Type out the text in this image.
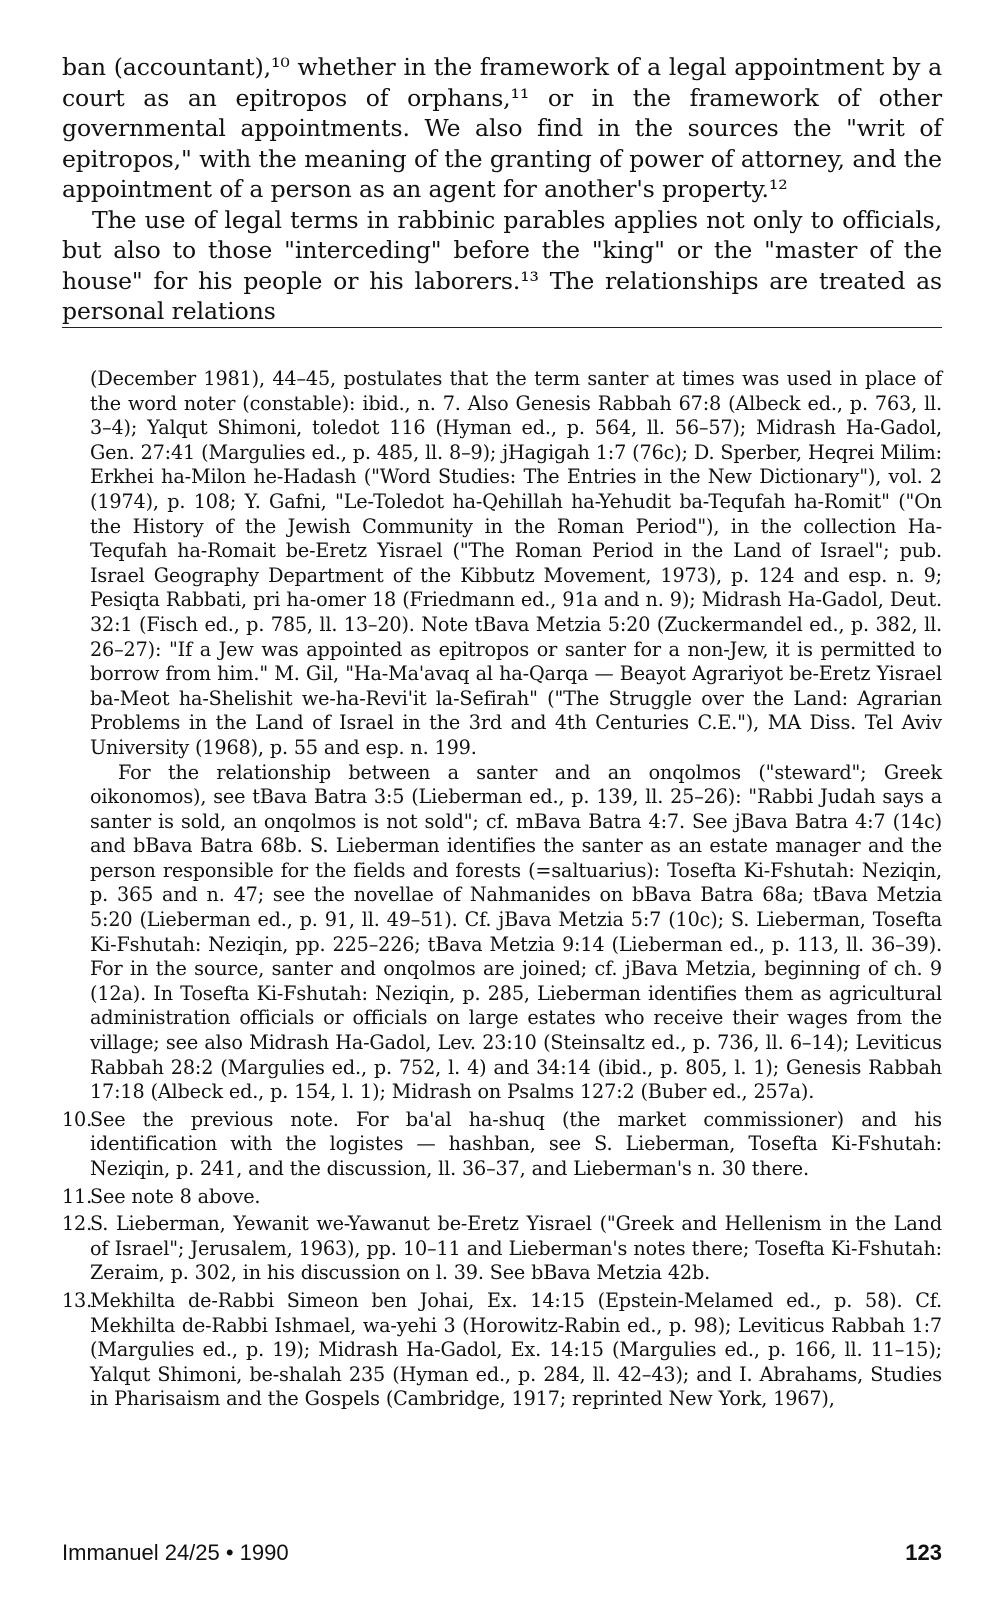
ban (accountant),¹⁰ whether in the framework of a legal appointment by a court as an epitropos of orphans,¹¹ or in the framework of other governmental appointments. We also find in the sources the "writ of epitropos," with the meaning of the granting of power of attorney, and the appointment of a person as an agent for another's property.¹²

The use of legal terms in rabbinic parables applies not only to officials, but also to those "interceding" before the "king" or the "master of the house" for his people or his laborers.¹³ The relationships are treated as personal relations

(December 1981), 44–45, postulates that the term santer at times was used in place of the word noter (constable): ibid., n. 7. Also Genesis Rabbah 67:8 (Albeck ed., p. 763, ll. 3–4); Yalqut Shimoni, toledot 116 (Hyman ed., p. 564, ll. 56–57); Midrash Ha-Gadol, Gen. 27:41 (Margulies ed., p. 485, ll. 8–9); jHagigah 1:7 (76c); D. Sperber, Heqrei Milim: Erkhei ha-Milon he-Hadash ("Word Studies: The Entries in the New Dictionary"), vol. 2 (1974), p. 108; Y. Gafni, "Le-Toledot ha-Qehillah ha-Yehudit ba-Tequfah ha-Romit" ("On the History of the Jewish Community in the Roman Period"), in the collection Ha-Tequfah ha-Romait be-Eretz Yisrael ("The Roman Period in the Land of Israel"; pub. Israel Geography Department of the Kibbutz Movement, 1973), p. 124 and esp. n. 9; Pesiqta Rabbati, pri ha-omer 18 (Friedmann ed., 91a and n. 9); Midrash Ha-Gadol, Deut. 32:1 (Fisch ed., p. 785, ll. 13–20). Note tBava Metzia 5:20 (Zuckermandel ed., p. 382, ll. 26–27): "If a Jew was appointed as epitropos or santer for a non-Jew, it is permitted to borrow from him." M. Gil, "Ha-Ma'avaq al ha-Qarqa — Beayot Agrariyot be-Eretz Yisrael ba-Meot ha-Shelishit we-ha-Revi'it la-Sefirah" ("The Struggle over the Land: Agrarian Problems in the Land of Israel in the 3rd and 4th Centuries C.E."), MA Diss. Tel Aviv University (1968), p. 55 and esp. n. 199.

For the relationship between a santer and an onqolmos ("steward"; Greek oikonomos), see tBava Batra 3:5 (Lieberman ed., p. 139, ll. 25–26): "Rabbi Judah says a santer is sold, an onqolmos is not sold"; cf. mBava Batra 4:7. See jBava Batra 4:7 (14c) and bBava Batra 68b. S. Lieberman identifies the santer as an estate manager and the person responsible for the fields and forests (=saltuarius): Tosefta Ki-Fshutah: Neziqin, p. 365 and n. 47; see the novellae of Nahmanides on bBava Batra 68a; tBava Metzia 5:20 (Lieberman ed., p. 91, ll. 49–51). Cf. jBava Metzia 5:7 (10c); S. Lieberman, Tosefta Ki-Fshutah: Neziqin, pp. 225–226; tBava Metzia 9:14 (Lieberman ed., p. 113, ll. 36–39). For in the source, santer and onqolmos are joined; cf. jBava Metzia, beginning of ch. 9 (12a). In Tosefta Ki-Fshutah: Neziqin, p. 285, Lieberman identifies them as agricultural administration officials or officials on large estates who receive their wages from the village; see also Midrash Ha-Gadol, Lev. 23:10 (Steinsaltz ed., p. 736, ll. 6–14); Leviticus Rabbah 28:2 (Margulies ed., p. 752, l. 4) and 34:14 (ibid., p. 805, l. 1); Genesis Rabbah 17:18 (Albeck ed., p. 154, l. 1); Midrash on Psalms 127:2 (Buber ed., 257a).

10.
See the previous note. For ba'al ha-shuq (the market commissioner) and his identification with the logistes — hashban, see S. Lieberman, Tosefta Ki-Fshutah: Neziqin, p. 241, and the discussion, ll. 36–37, and Lieberman's n. 30 there.

11.
See note 8 above.

12.
S. Lieberman, Yewanit we-Yawanut be-Eretz Yisrael ("Greek and Hellenism in the Land of Israel"; Jerusalem, 1963), pp. 10–11 and Lieberman's notes there; Tosefta Ki-Fshutah: Zeraim, p. 302, in his discussion on l. 39. See bBava Metzia 42b.

13.
Mekhilta de-Rabbi Simeon ben Johai, Ex. 14:15 (Epstein-Melamed ed., p. 58). Cf. Mekhilta de-Rabbi Ishmael, wa-yehi 3 (Horowitz-Rabin ed., p. 98); Leviticus Rabbah 1:7 (Margulies ed., p. 19); Midrash Ha-Gadol, Ex. 14:15 (Margulies ed., p. 166, ll. 11–15); Yalqut Shimoni, be-shalah 235 (Hyman ed., p. 284, ll. 42–43); and I. Abrahams, Studies in Pharisaism and the Gospels (Cambridge, 1917; reprinted New York, 1967),

Immanuel 24/25 • 1990	123
